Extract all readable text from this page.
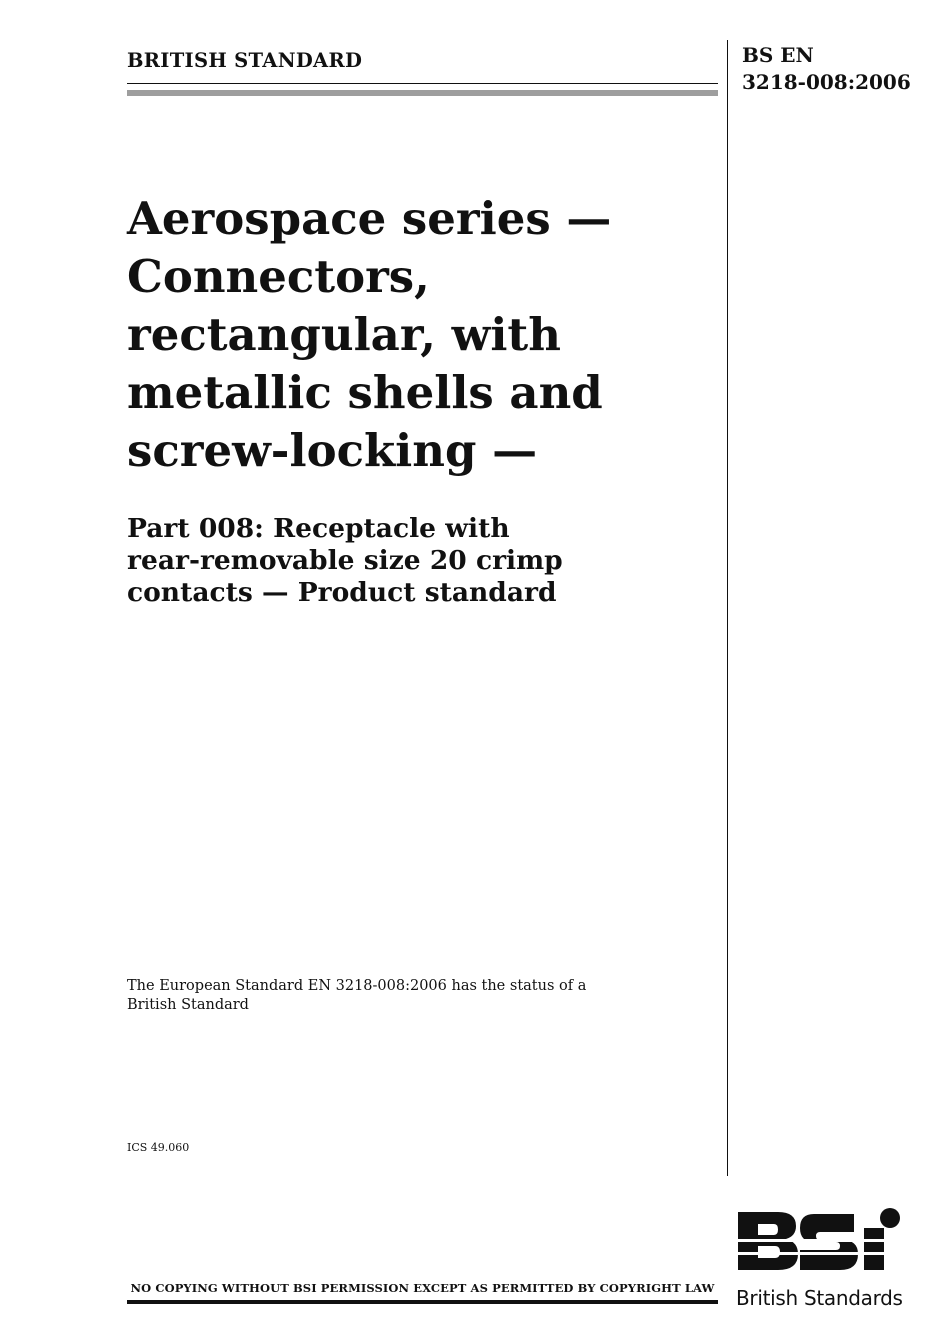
BRITISH STANDARD	BS EN
3218-008:2006
Aerospace series —
Connectors,
rectangular, with
metallic shells and
screw-locking —
Part 008: Receptacle with
rear-removable size 20 crimp
contacts — Product standard
The European Standard EN 3218-008:2006 has the status of a
British Standard
ICS 49.060
NO COPYING WITHOUT BSI PERMISSION EXCEPT AS PERMITTED BY COPYRIGHT LAW British Standards
